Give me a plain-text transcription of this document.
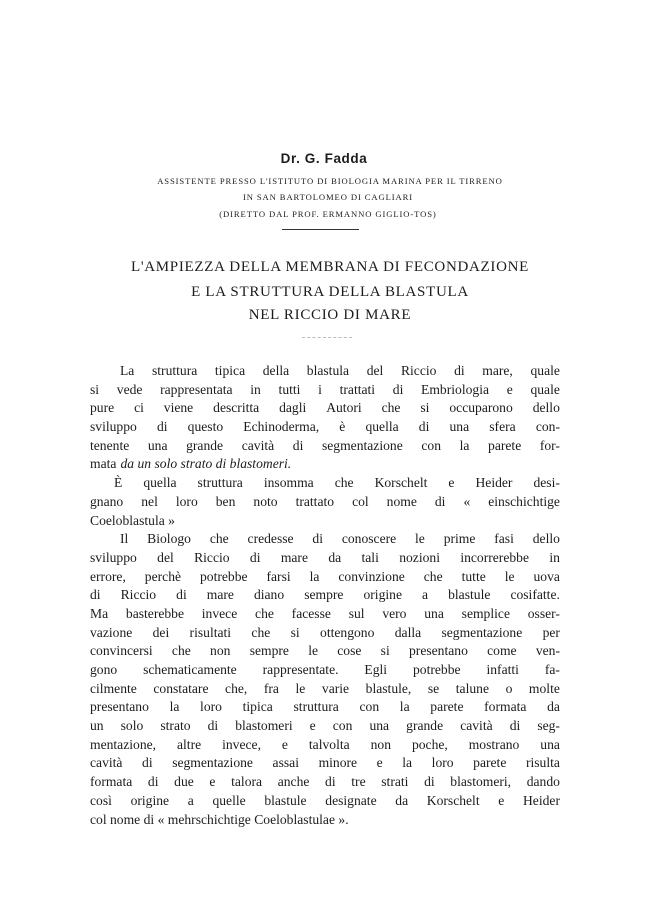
Dr. G. Fadda
ASSISTENTE PRESSO L'ISTITUTO DI BIOLOGIA MARINA PER IL TIRRENO
IN SAN BARTOLOMEO DI CAGLIARI
(DIRETTO DAL PROF. ERMANNO GIGLIO-TOS)
L'AMPIEZZA DELLA MEMBRANA DI FECONDAZIONE
E LA STRUTTURA DELLA BLASTULA
NEL RICCIO DI MARE
La struttura tipica della blastula del Riccio di mare, quale
si vede rappresentata in tutti i trattati di Embriologia e quale
pure ci viene descritta dagli Autori che si occuparono dello
sviluppo di questo Echinoderma, è quella di una sfera con-
tenente una grande cavità di segmentazione con la parete for-
mata da un solo strato di blastomeri.
È quella struttura insomma che Korschelt e Heider desi-
gnano nel loro ben noto trattato col nome di « einschichtige
Coeloblastula »
Il Biologo che credesse di conoscere le prime fasi dello
sviluppo del Riccio di mare da tali nozioni incorrerebbe in
errore, perchè potrebbe farsi la convinzione che tutte le uova
di Riccio di mare diano sempre origine a blastule cosifatte.
Ma basterebbe invece che facesse sul vero una semplice osser-
vazione dei risultati che si ottengono dalla segmentazione per
convincersi che non sempre le cose si presentano come ven-
gono schematicamente rappresentate. Egli potrebbe infatti fa-
cilmente constatare che, fra le varie blastule, se talune o molte
presentano la loro tipica struttura con la parete formata da
un solo strato di blastomeri e con una grande cavità di seg-
mentazione, altre invece, e talvolta non poche, mostrano una
cavità di segmentazione assai minore e la loro parete risulta
formata di due e talora anche di tre strati di blastomeri, dando
così origine a quelle blastule designate da Korschelt e Heider
col nome di « mehrschichtige Coeloblastulae ».
